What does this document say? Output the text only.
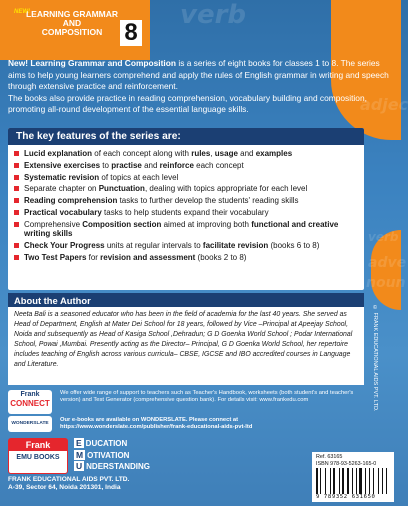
verb
adjec
adve
noun
verb
NEW!
LEARNING GRAMMAR
AND
COMPOSITION 8

New! Learning Grammar and Composition is a series of eight books for classes 1 to 8. The series aims to help young learners comprehend and apply the rules of English grammar in writing and speech through extensive practice and reinforcement.

The books also provide practice in reading comprehension, vocabulary building and composition, promoting all-round development of the essential language skills.

The key features of the series are:
Lucid explanation of each concept along with rules, usage and examples
Extensive exercises to practise and reinforce each concept
Systematic revision of topics at each level
Separate chapter on Punctuation, dealing with topics appropriate for each level
Reading comprehension tasks to further develop the students' reading skills
Practical vocabulary tasks to help students expand their vocabulary
Comprehensive Composition section aimed at improving both functional and creative writing skills
Check Your Progress units at regular intervals to facilitate revision (books 6 to 8)
Two Test Papers for revision and assessment (books 2 to 8)
About the Author
Neeta Bali is a seasoned educator who has been in the field of academia for the last 40 years. She served as Head of Department, English at Mater Dei School for 18 years, followed by Vice –Principal at Apeejay School, Noida and subsequently as Head of Kasiga School ,Dehradun; G D Goenka World School ; Podar International School, Powai ,Mumbai. Presently acting as the Director– Principal, G D Goenka World School, her repertoire includes teaching of English across various curricula– CBSE, IGCSE and IBO accredited courses in Language and Literature.	© FRANK EDUCATIONAL AIDS PVT. LTD.
Frank
CONNECT
We offer wide range of support to teachers such as Teacher's Handbook, worksheets (both student's and teacher's version) and Test Generator (comprehensive question bank). For details visit: www.frankedu.com
WONDERSLATE
Our e-books are available on WONDERSLATE. Please connect at https://www.wonderslate.com/publisher/frank-educational-aids-pvt-ltd
Frank
EMU BOOKS
E DUCATION
M OTIVATION
U NDERSTANDING
FRANK EDUCATIONAL AIDS PVT. LTD.
A-39, Sector 64, Noida 201301, India
Ref. 63165
ISBN 978-93-5263-165-0
9 789352 631650
